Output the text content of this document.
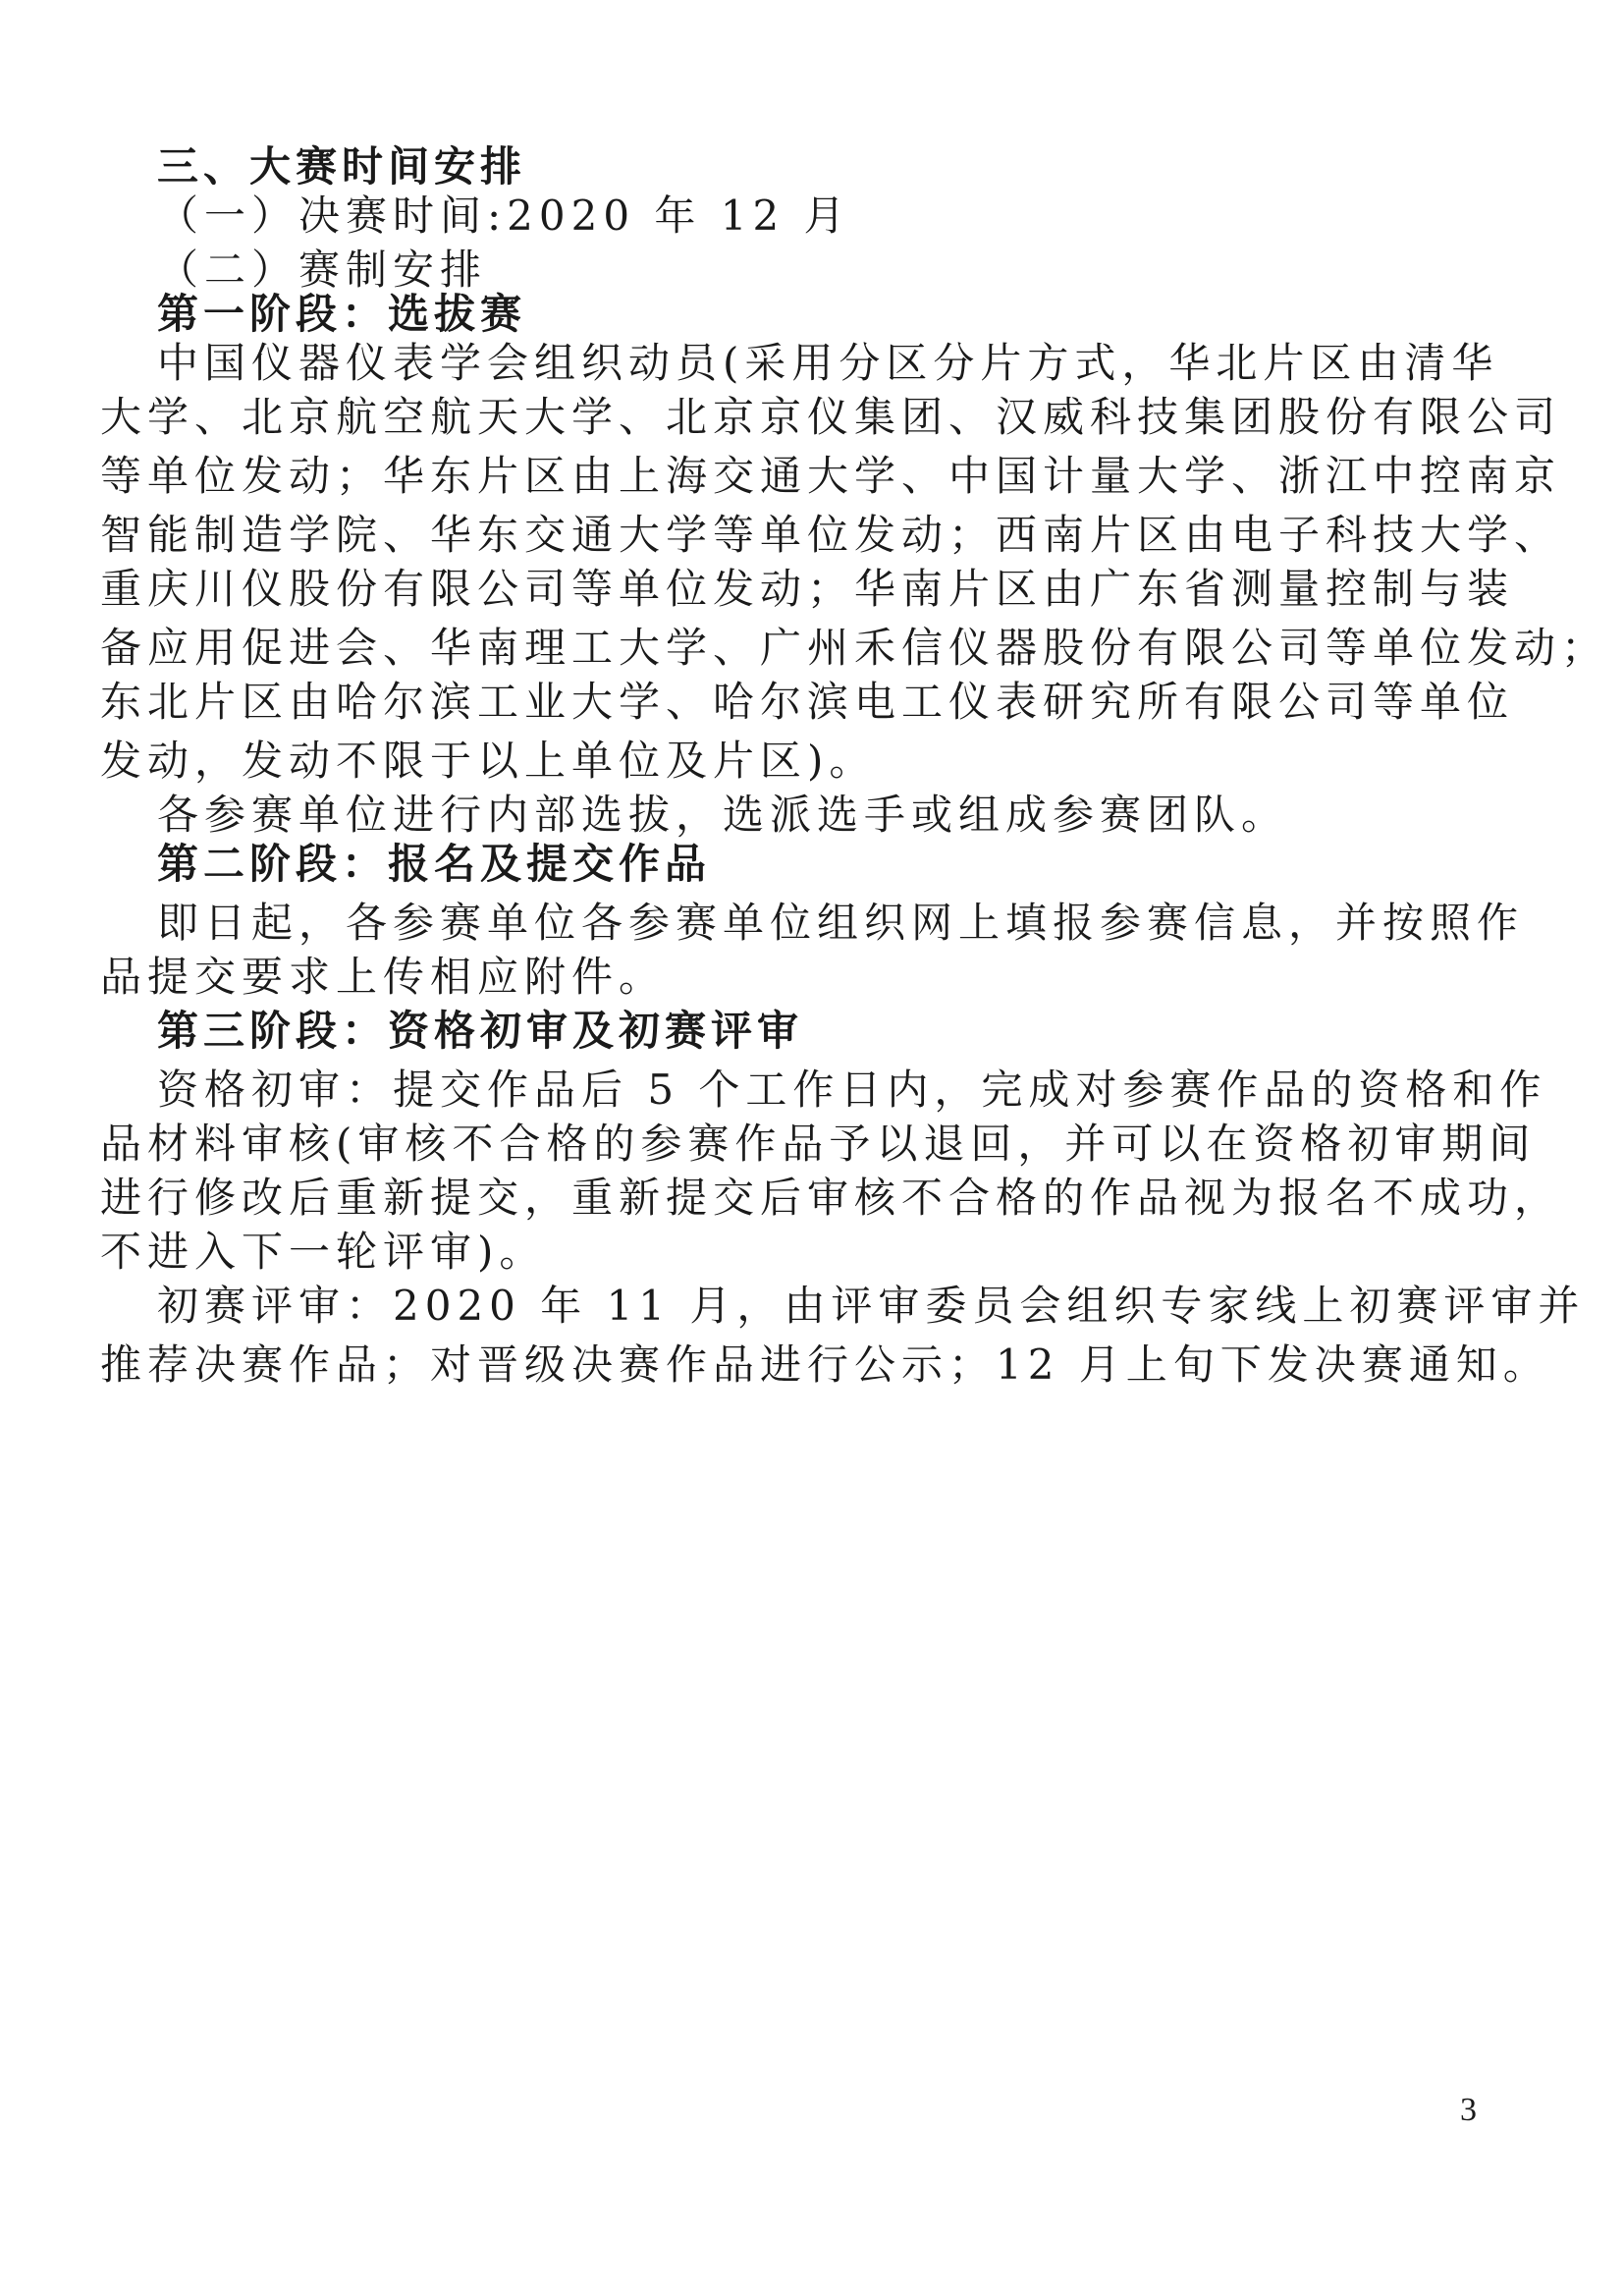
三、大赛时间安排
（一）决赛时间:2020 年 12 月
（二）赛制安排
第一阶段：选拔赛
中国仪器仪表学会组织动员(采用分区分片方式，华北片区由清华
大学、北京航空航天大学、北京京仪集团、汉威科技集团股份有限公司
等单位发动；华东片区由上海交通大学、中国计量大学、浙江中控南京
智能制造学院、华东交通大学等单位发动；西南片区由电子科技大学、
重庆川仪股份有限公司等单位发动；华南片区由广东省测量控制与装
备应用促进会、华南理工大学、广州禾信仪器股份有限公司等单位发动；
东北片区由哈尔滨工业大学、哈尔滨电工仪表研究所有限公司等单位
发动，发动不限于以上单位及片区)。
各参赛单位进行内部选拔，选派选手或组成参赛团队。
第二阶段：报名及提交作品
即日起，各参赛单位各参赛单位组织网上填报参赛信息，并按照作
品提交要求上传相应附件。
第三阶段：资格初审及初赛评审
资格初审：提交作品后 5 个工作日内，完成对参赛作品的资格和作
品材料审核(审核不合格的参赛作品予以退回，并可以在资格初审期间
进行修改后重新提交，重新提交后审核不合格的作品视为报名不成功，
不进入下一轮评审)。
初赛评审：2020 年 11 月，由评审委员会组织专家线上初赛评审并
推荐决赛作品；对晋级决赛作品进行公示；12 月上旬下发决赛通知。
3
